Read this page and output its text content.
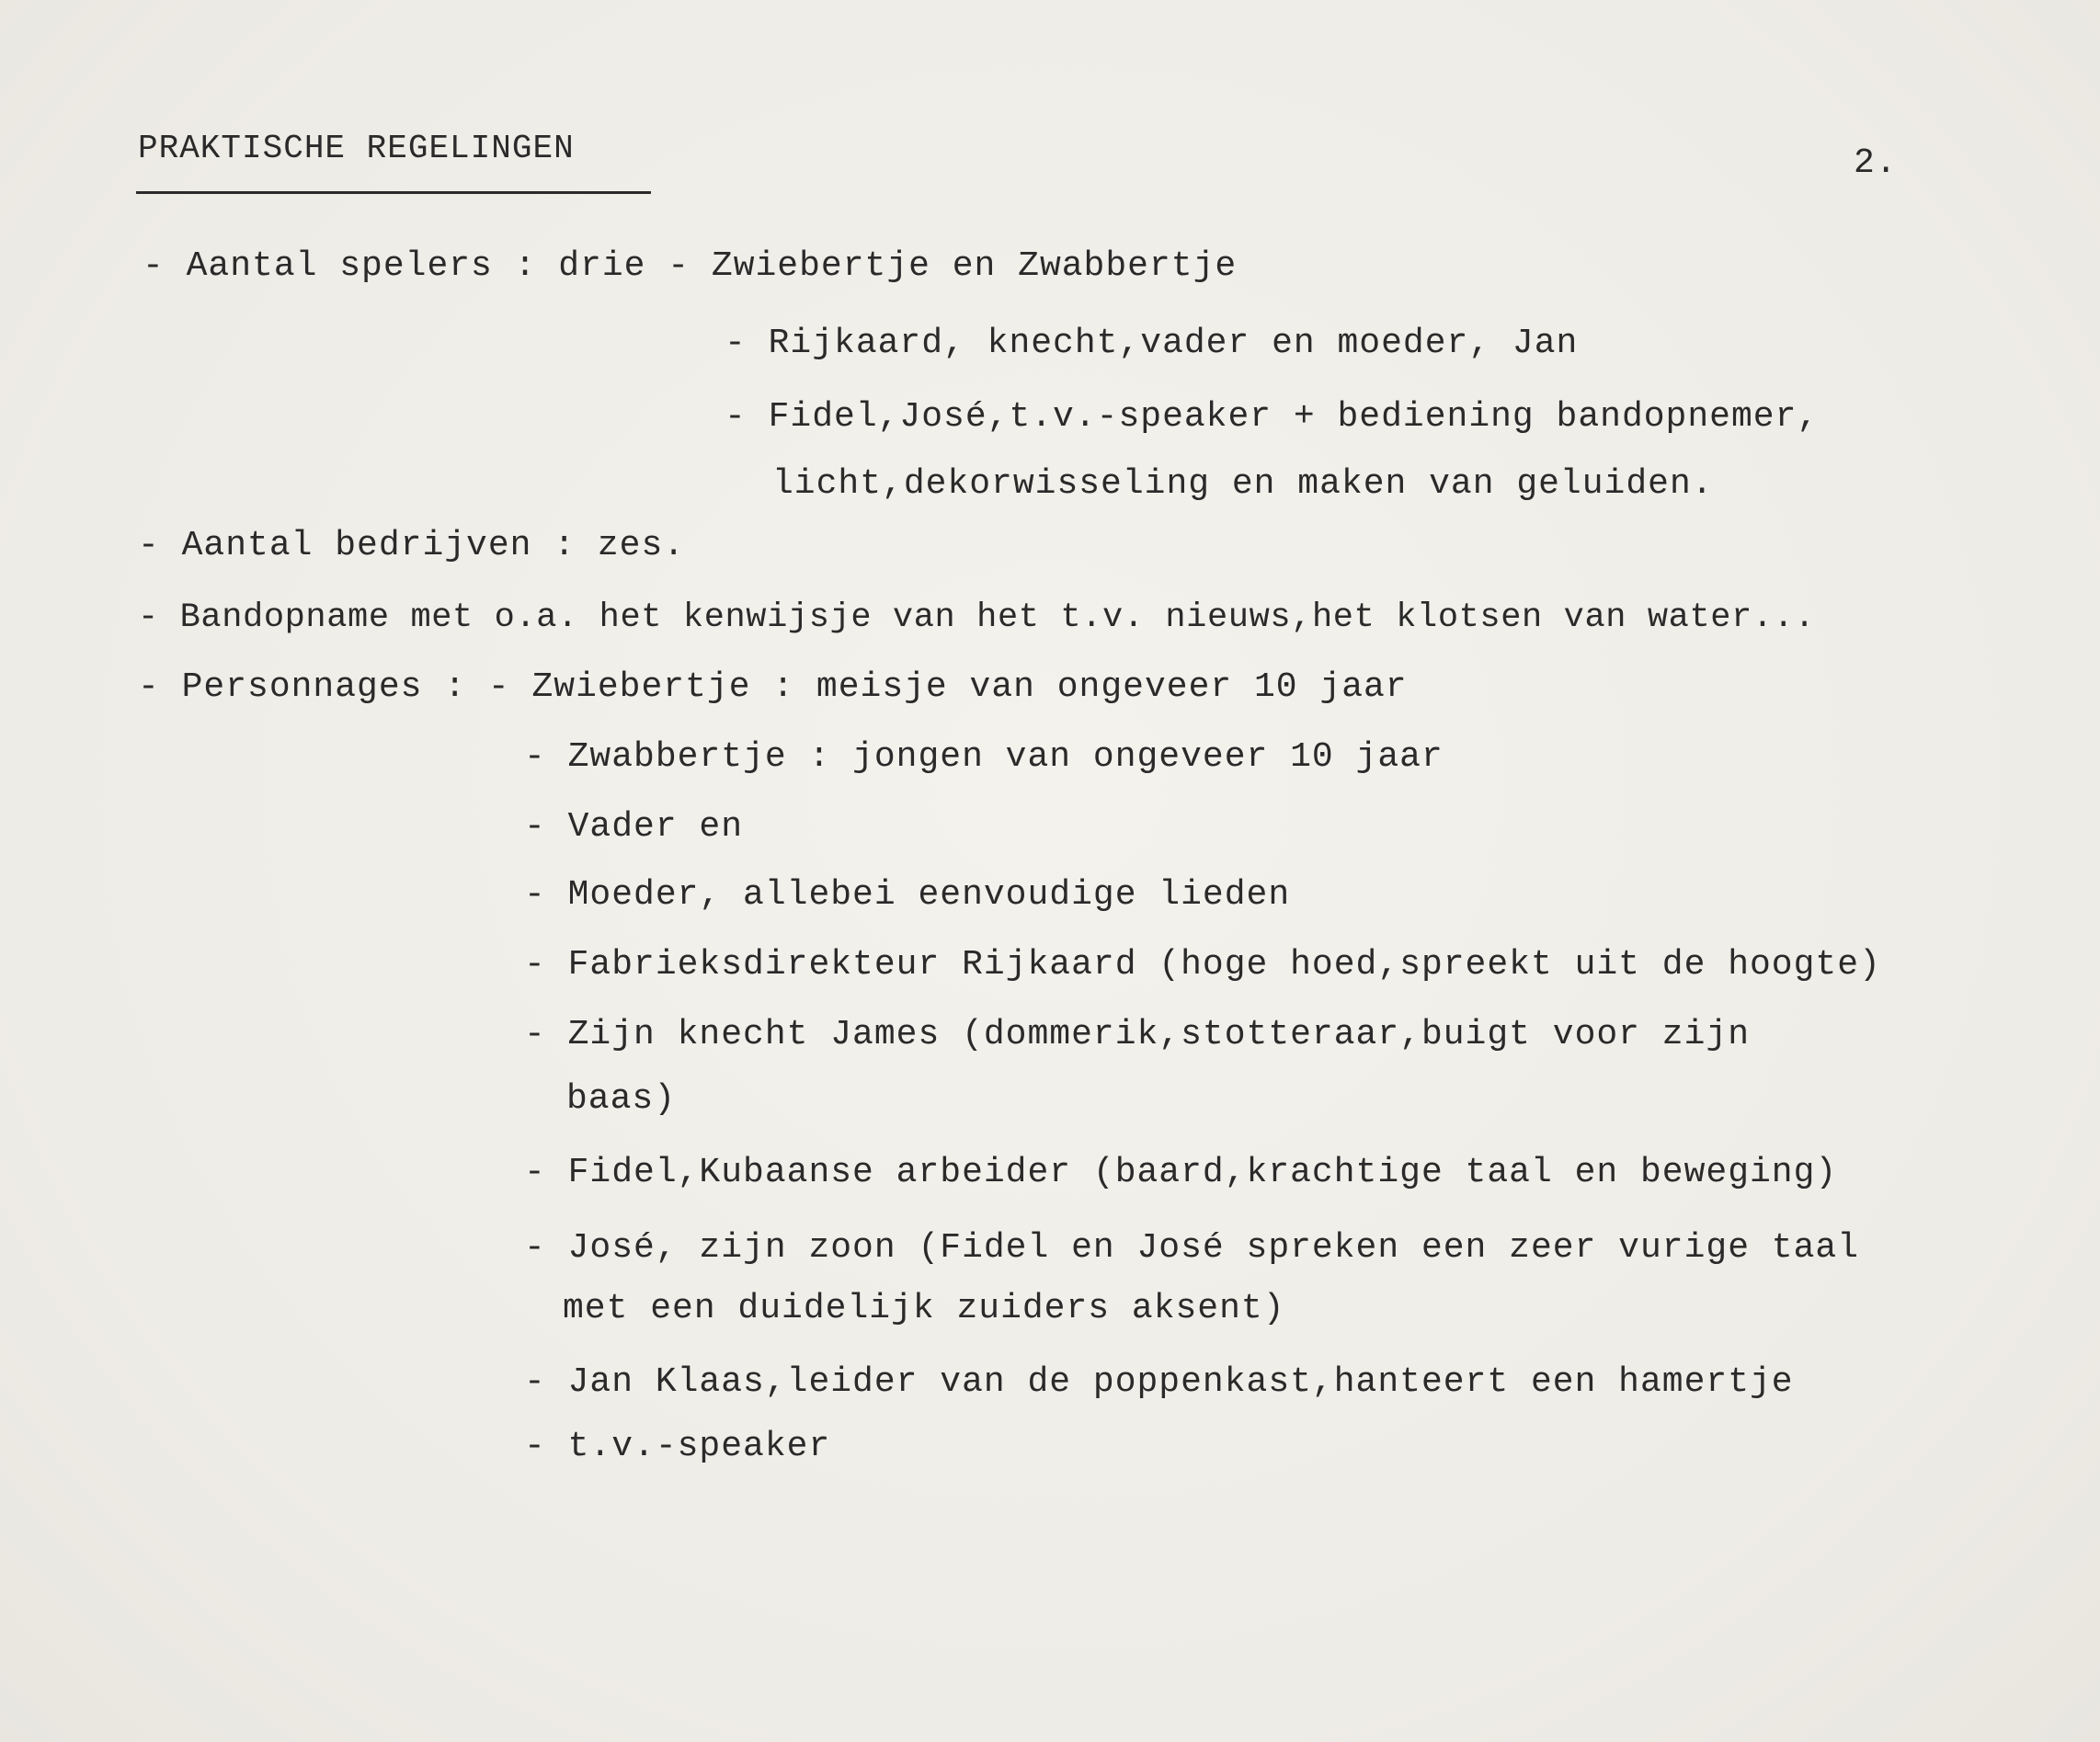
PRAKTISCHE REGELINGEN	2.
- Aantal spelers : drie - Zwiebertje en Zwabbertje
- Rijkaard, knecht,vader en moeder, Jan
- Fidel,José,t.v.-speaker + bediening bandopnemer,
licht,dekorwisseling en maken van geluiden.
- Aantal bedrijven : zes.
- Bandopname met o.a. het kenwijsje van het t.v. nieuws,het klotsen van water...
- Personnages : - Zwiebertje : meisje van ongeveer 10 jaar
- Zwabbertje : jongen van ongeveer 10 jaar
- Vader en
- Moeder, allebei eenvoudige lieden
- Fabrieksdirekteur Rijkaard (hoge hoed,spreekt uit de hoogte)
- Zijn knecht James (dommerik,stotteraar,buigt voor zijn
baas)
- Fidel,Kubaanse arbeider (baard,krachtige taal en beweging)
- José, zijn zoon (Fidel en José spreken een zeer vurige taal
met een duidelijk zuiders aksent)
- Jan Klaas,leider van de poppenkast,hanteert een hamertje
- t.v.-speaker
